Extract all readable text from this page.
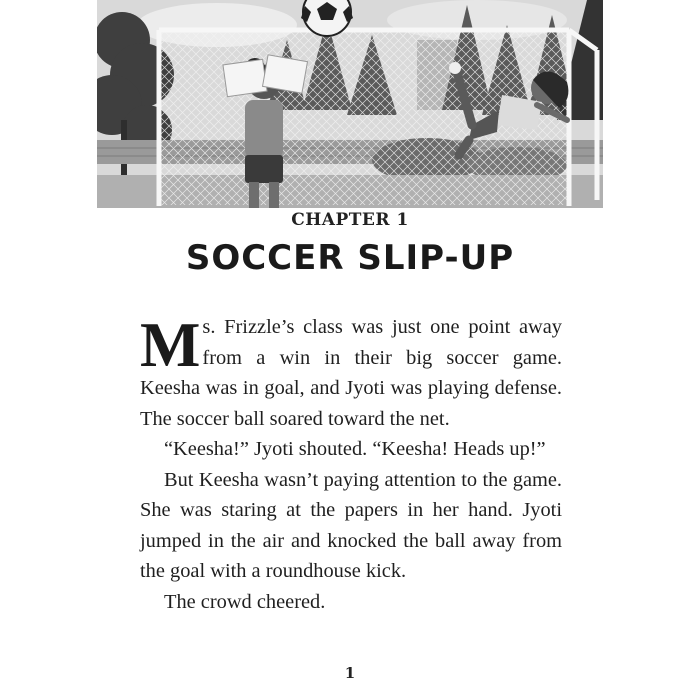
CHAPTER 1
SOCCER SLIP-UP

Ms. Frizzle’s class was just one point away from a win in their big soccer game. Keesha was in goal, and Jyoti was playing defense. The soccer ball soared toward the net.

“Keesha!” Jyoti shouted. “Keesha! Heads up!”

But Keesha wasn’t paying attention to the game. She was staring at the papers in her hand. Jyoti jumped in the air and knocked the ball away from the goal with a roundhouse kick.

The crowd cheered.

1
